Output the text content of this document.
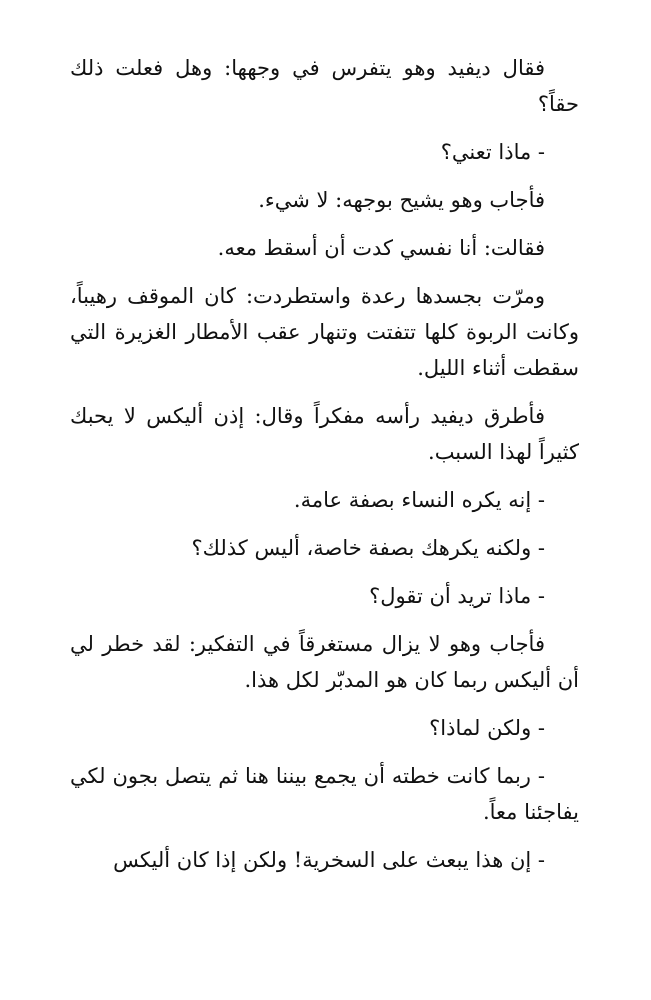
فقال ديفيد وهو يتفرس في وجهها: وهل فعلت ذلك حقاً؟

- ماذا تعني؟

فأجاب وهو يشيح بوجهه: لا شيء.

فقالت: أنا نفسي كدت أن أسقط معه.

ومرّت بجسدها رعدة واستطردت: كان الموقف رهيباً، وكانت الربوة كلها تتفتت وتنهار عقب الأمطار الغزيرة التي سقطت أثناء الليل.

فأطرق ديفيد رأسه مفكراً وقال: إذن أليكس لا يحبك كثيراً لهذا السبب.

- إنه يكره النساء بصفة عامة.

- ولكنه يكرهك بصفة خاصة، أليس كذلك؟

- ماذا تريد أن تقول؟

فأجاب وهو لا يزال مستغرقاً في التفكير: لقد خطر لي أن أليكس ربما كان هو المدبّر لكل هذا.

- ولكن لماذا؟

- ربما كانت خطته أن يجمع بيننا هنا ثم يتصل بجون لكي يفاجئنا معاً.

- إن هذا يبعث على السخرية! ولكن إذا كان أليكس
